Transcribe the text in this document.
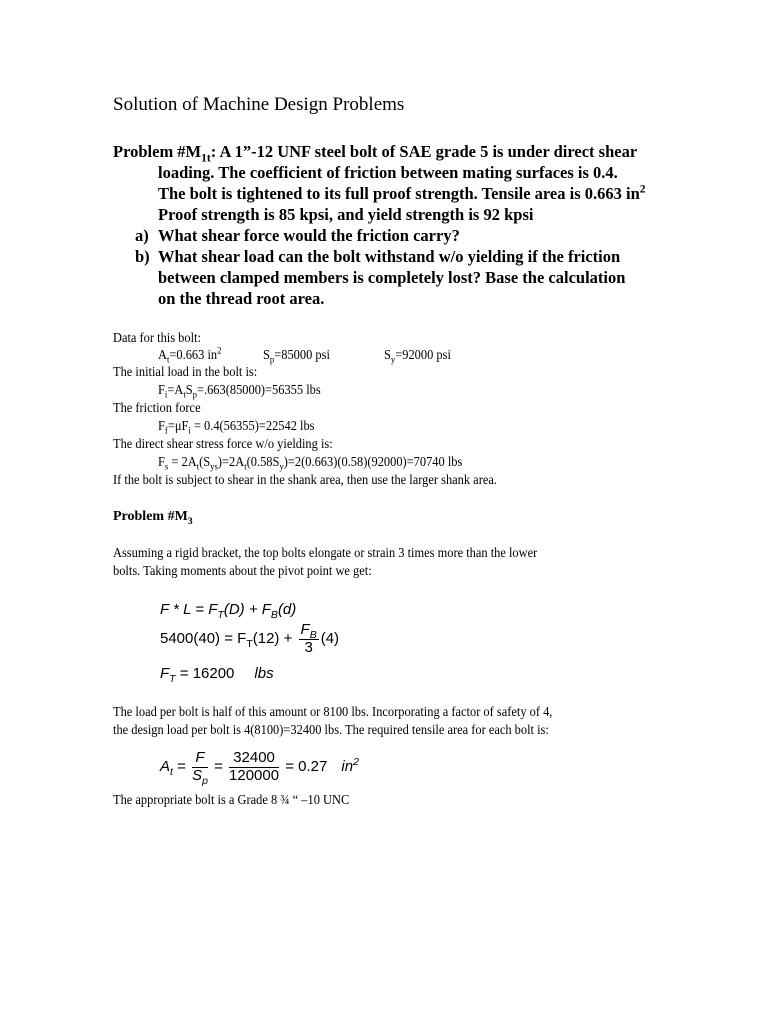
Solution of Machine Design Problems
Problem $\#M_{1t}$: A 1”-12 UNF steel bolt of SAE grade 5 is under direct shear
loading. The coefficient of friction between mating surfaces is 0.4.
The bolt is tightened to its full proof strength. Tensile area is 0.663 $in^2$
Proof strength is 85 kpsi, and yield strength is 92 kpsi
a) What shear force would the friction carry?
b) What shear load can the bolt withstand w/o yielding if the friction
between clamped members is completely lost? Base the calculation
on the thread root area.
Data for this bolt:
$A_t=0.663$ $in^2$	$S_p=85000$ psi	$S_y=92000$ psi
The initial load in the bolt is:
$F_i=A_tS_p=.663(85000)=56355$ lbs
The friction force
$F_f=\mu F_i = 0.4(56355)=22542$ lbs
The direct shear stress force w/o yielding is:
$F_s = 2A_t(S_{ys})=2A_t(0.58S_y)=2(0.663)(0.58)(92000)=70740$ lbs
If the bolt is subject to shear in the shank area, then use the larger shank area.
Problem $\#M_3$
Assuming a rigid bracket, the top bolts elongate or strain 3 times more than the lower
bolts. Taking moments about the pivot point we get:
$F * L = F_T(D) + F_B(d)$
$5400(40) = F_T(12) + \frac{F_B}{3} (4)$
$F_T = 16200$ lbs
The load per bolt is half of this amount or 8100 lbs. Incorporating a factor of safety of 4,
the design load per bolt is 4(8100)=32400 lbs. The required tensile area for each bolt is:
$A_t = \frac{F}{S_p} = \frac{32400}{120000} = 0.27$ $in^2$
The appropriate bolt is a Grade 8 ¾ “ –10 UNC
